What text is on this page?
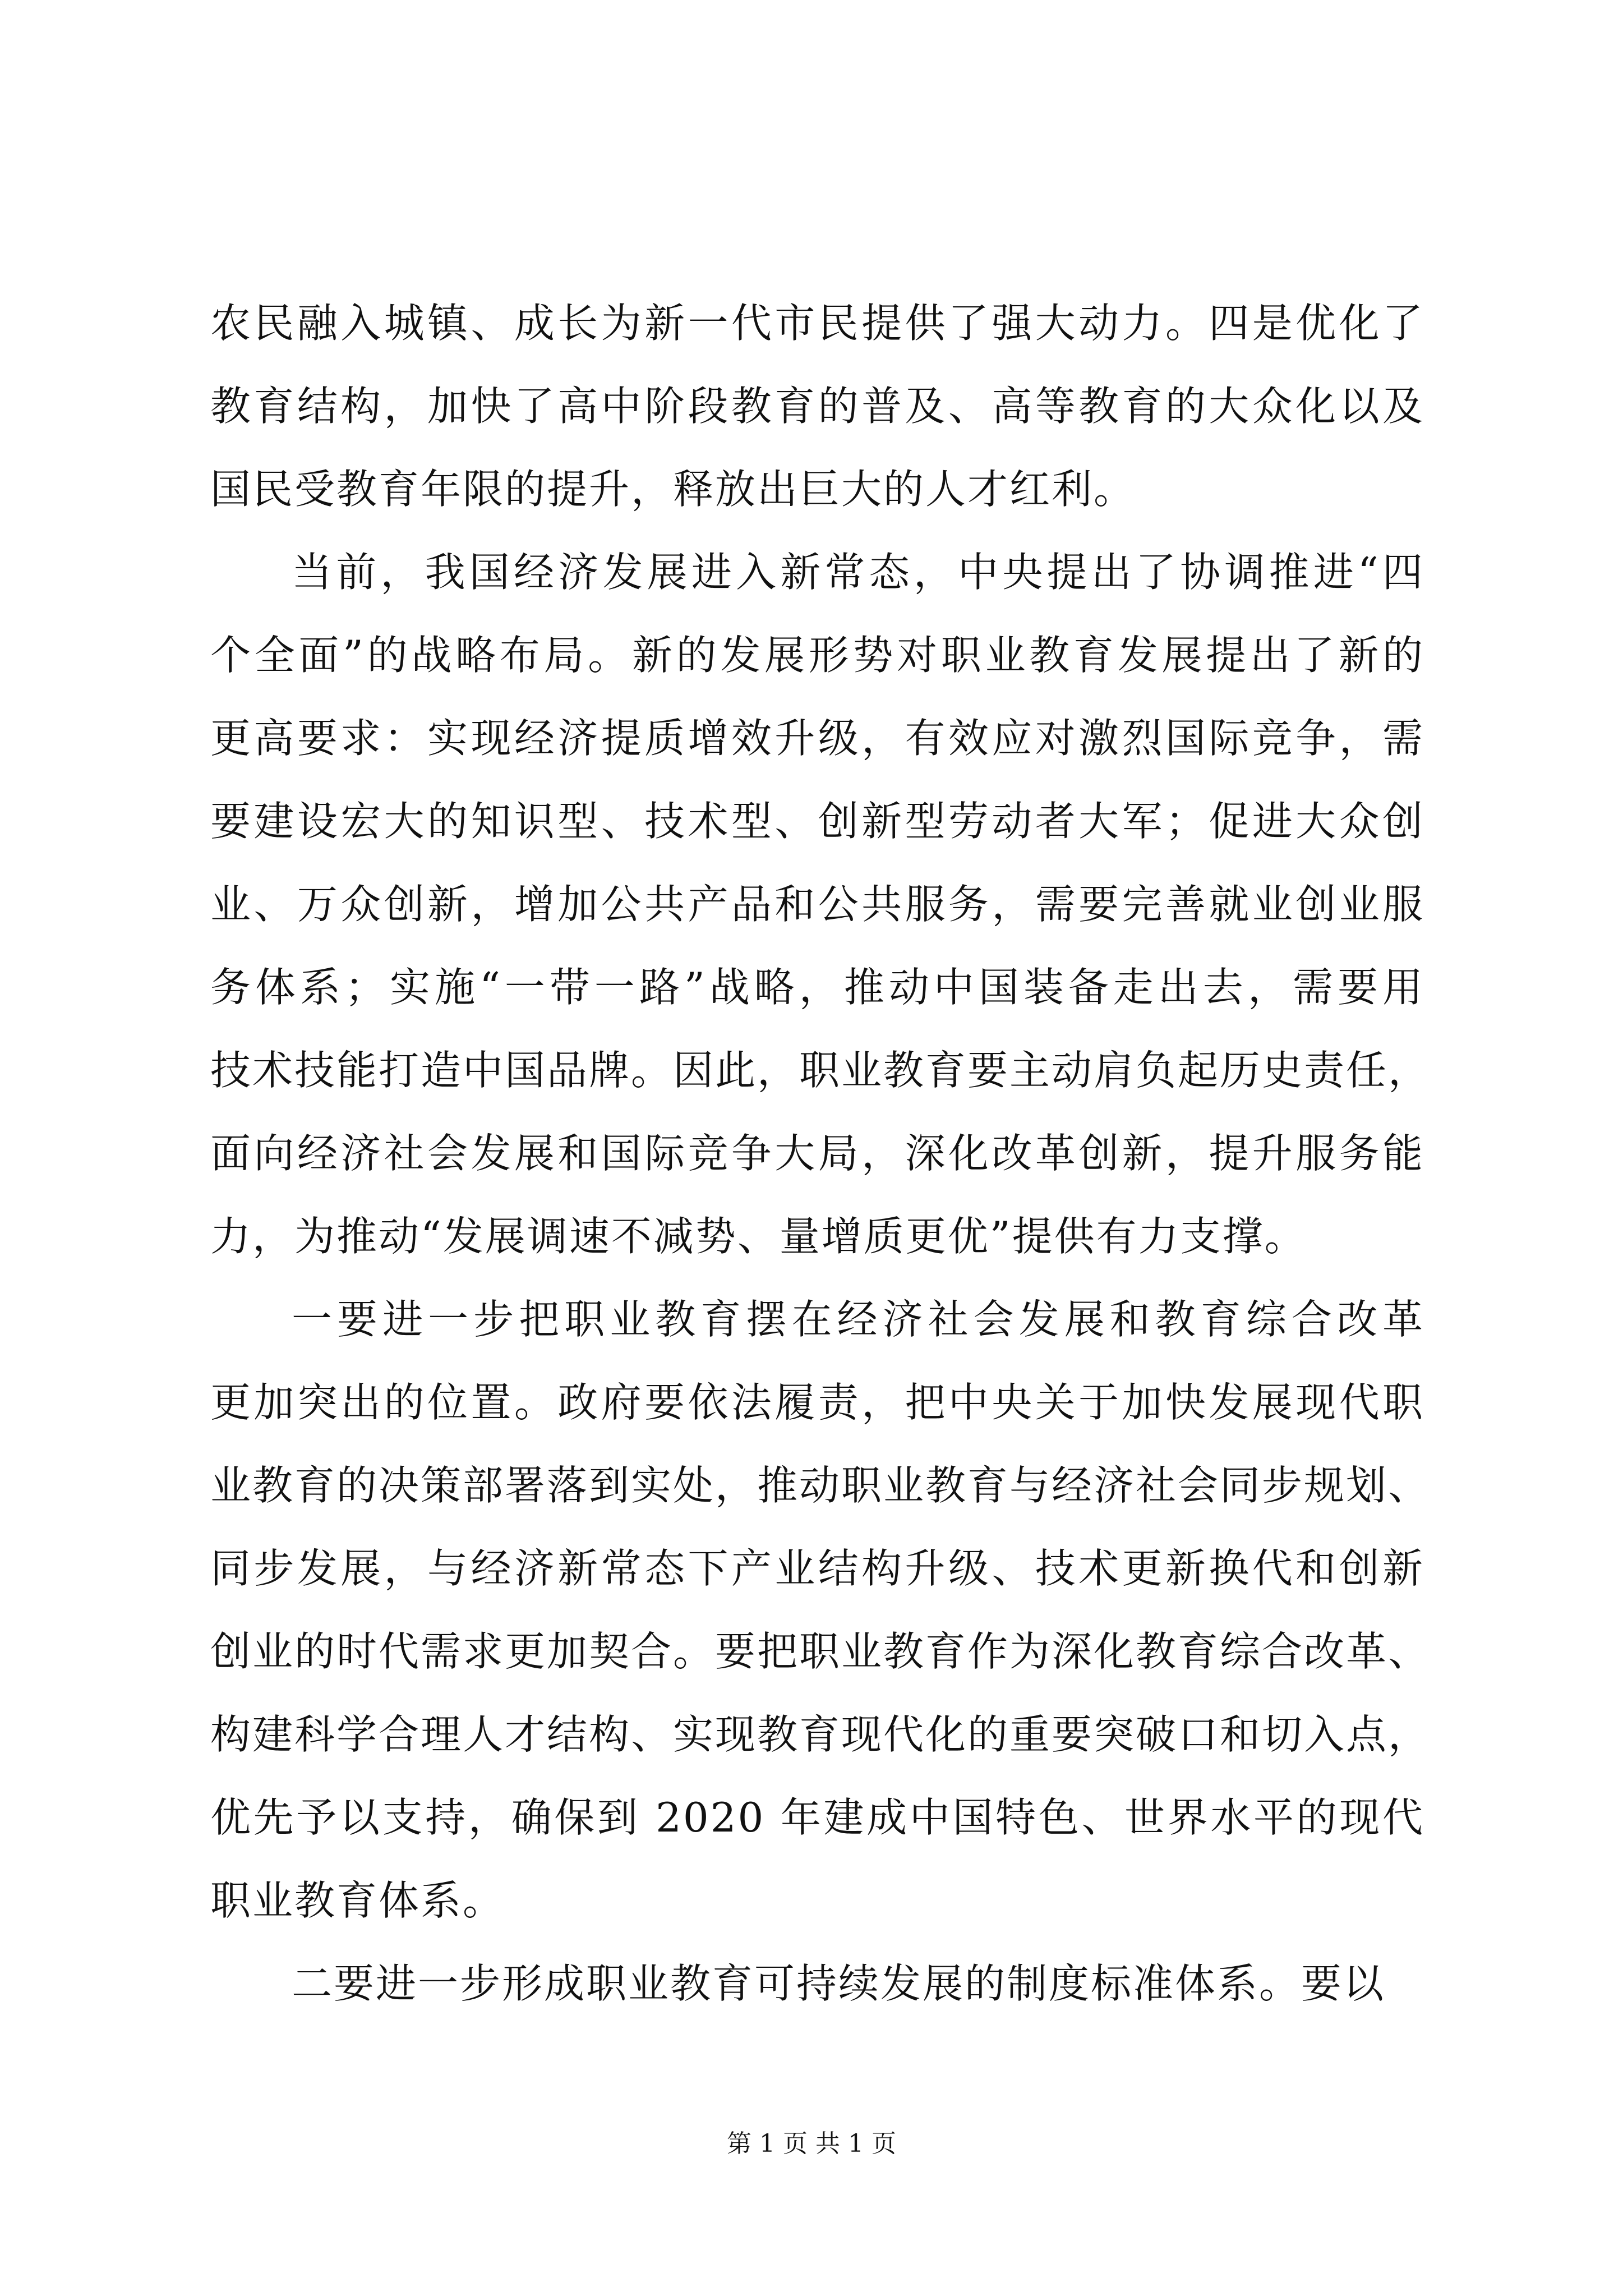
农民融入城镇、成长为新一代市民提供了强大动力。四是优化了
教育结构，加快了高中阶段教育的普及、高等教育的大众化以及
国民受教育年限的提升，释放出巨大的人才红利。
当前，我国经济发展进入新常态，中央提出了协调推进“四
个全面”的战略布局。新的发展形势对职业教育发展提出了新的
更高要求：实现经济提质增效升级，有效应对激烈国际竞争，需
要建设宏大的知识型、技术型、创新型劳动者大军；促进大众创
业、万众创新，增加公共产品和公共服务，需要完善就业创业服
务体系；实施“一带一路”战略，推动中国装备走出去，需要用
技术技能打造中国品牌。因此，职业教育要主动肩负起历史责任，
面向经济社会发展和国际竞争大局，深化改革创新，提升服务能
力，为推动“发展调速不减势、量增质更优”提供有力支撑。
一要进一步把职业教育摆在经济社会发展和教育综合改革
更加突出的位置。政府要依法履责，把中央关于加快发展现代职
业教育的决策部署落到实处，推动职业教育与经济社会同步规划、
同步发展，与经济新常态下产业结构升级、技术更新换代和创新
创业的时代需求更加契合。要把职业教育作为深化教育综合改革、
构建科学合理人才结构、实现教育现代化的重要突破口和切入点，
优先予以支持，确保到 2020 年建成中国特色、世界水平的现代
职业教育体系。
二要进一步形成职业教育可持续发展的制度标准体系。要以
第 1 页 共 1 页
